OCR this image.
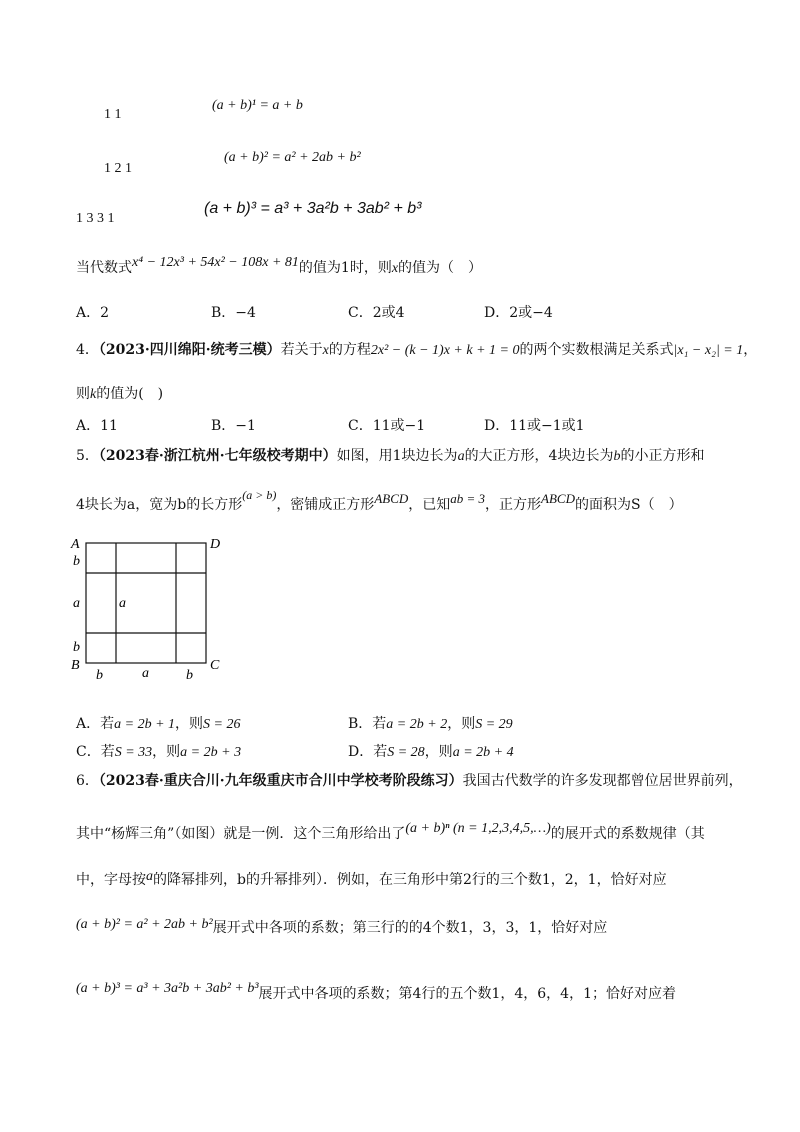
1 1
(a + b)¹ = a + b
1 2 1
(a + b)² = a² + 2ab + b²
1 3 3 1
(a + b)³ = a³ + 3a²b + 3ab² + b³
当代数式x⁴ − 12x³ + 54x² − 108x + 81的值为1时，则x的值为（　）
A．2	B．−4	C．2或4	D．2或−4
4．（2023·四川绵阳·统考三模）若关于x的方程2x² − (k − 1)x + k + 1 = 0的两个实数根满足关系式|x₁ − x₂| = 1，
则k的值为(　)
A．11	B．−1	C．11或−1	D．11或−1或1
5．（2023春·浙江杭州·七年级校考期中）如图，用1块边长为a的大正方形，4块边长为b的小正方形和
4块长为a，宽为b的长方形(a > b)，密铺成正方形ABCD，已知ab = 3，正方形ABCD的面积为S（　）
A	D
B	C
b
a
b
a
b	a	b
A．若a = 2b + 1，则S = 26	B．若a = 2b + 2，则S = 29
C．若S = 33，则a = 2b + 3	D．若S = 28，则a = 2b + 4
6．（2023春·重庆合川·九年级重庆市合川中学校考阶段练习）我国古代数学的许多发现都曾位居世界前列，
其中“杨辉三角”（如图）就是一例．这个三角形给出了(a + b)ⁿ (n = 1,2,3,4,5,…)的展开式的系数规律（其
中，字母按a的降幂排列，b的升幂排列）．例如，在三角形中第2行的三个数1，2，1，恰好对应
(a + b)² = a² + 2ab + b²展开式中各项的系数；第三行的的4个数1，3，3，1，恰好对应
(a + b)³ = a³ + 3a²b + 3ab² + b³展开式中各项的系数；第4行的五个数1，4，6，4，1；恰好对应着
